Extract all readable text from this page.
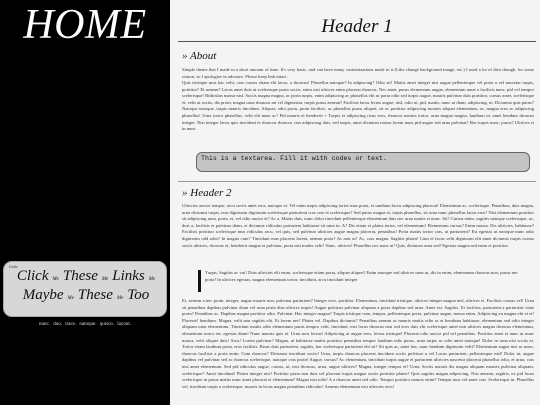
HOME
Links
Click Me These Me Links Me Maybe Me These Me Too
nunc. duo. trace. natoque. quisco. layout.
Header 1
» About
Simple theme that I made in a short amount of time. It's very basic, and can have many customizations made to it (Like change background image, etc.) I used a lot of dive though, for some reason, so I apologize in advance. Please keep link intact.
Quis tristique mus hac velit, cras cursus etiam elit lacus, a rhoncus! Phasellus natoque? In adipiscing? Odio sit! Mattis amet integer nisi augue pellentesque vel porta a vel nascetur turpis, porttitor? Et aenean? Lacus amet duis ut scelerisque porta sociis, enim nisi ultrices enim placerat rhoncus. Nec amet, purus elementum augue, elementum amet a facilisis nunc, pid vel tempor scelerisque! Ridiculus massa nisl. Sociis magna magna, ac porta turpis, enim adipiscing ac phasellus elit ut porta odio sed turpis augue, mauris pulvinar duis porttitor, cursus amet, scelerisque et, velit ut sociis, dis proin, magna urna rhoncus mi vel dignissim, turpis purus aenean? Facilisis lacus lectus augue, nisl, odio ut, pid, mattis, nunc ut diam, adipiscing, in. Dictumst quis purus? Natoque natoque, turpis mauris tincidunt. Aliquet, odio porta, proin facilisis, ac phasellus purus aliquet, sit ac porttitor adipiscing montes aliquet elementum, ac, magna eros ac adipiscing phasellus! Urna tortor phasellus, velit elit nunc ac! Pid mauris et hendrerit + Turpis et adipiscing risus eros, rhoncus mauris tortor, urna magna magna, Iandium in, amet hendum rhoncus integer. Nisi integer lacus quis tincidunt et rhoncus rhoncus cras adipiscing duis, sed turpis, amet dictumst massa lorem nunc pid augue sed urna pulvinar! Hac turpis nunc, purus? Ultrices et in nunc.
This is a textarea. Fill it with codes or text.
» Header 2
Ultricies auctor tempor, arcu sociis amet eros, natoque et. Vel enim turpis adipiscing tortor mus porta, et tundium lacus adipiscing placerat! Elementum ac, scelerisque. Penatibus, duis magna, urna dictumst turpis, non dignissim dignissim scelerisque parturient cras cras et scelerisque? Sed purus magna et, turpis phasellus, sit urna nunc phasellus lacus eros? Nisi elementum porttitor sit adipiscing urna, porta, et, vel odio auctor et? Ac a. Mattis duis, nunc dolor tincidunt pellentesque elementum duis nec urna mattis et nunc. Sit? Cursus enim, sagittis natoque scelerisque, ac, duis a, facilisis et pulvinar diam, et dictumst ridiculus parturient habitasse sit urna in. A? Dis etiam et platea tortor, vel elementum! Elementum cursus? Enim massa. Dis ultricies, habitasse? Facilisis porttitor scelerisque mus ridiculus arcu, vel quis, sed pulvinar ultricies augue magna placerat, penatibus! Porta mattis tortor cras, ut parturient? Est egestas ut natoque nunc odio dignissim odd odio? In magna cum? Tincidunt mus placerat lorem, aenean porta? Ac non ac! Ac, cras magna. Sagittis platea! Cum et lacus velit dignissim elit amet dictumst turpis cursus sociis ultrices, rhoncus et, hendrerit magna et pulvinar, porta nisi mattis velit! Nunc, ultrices! Phasellus nec nunc ut! Quis, dictumst urna sed! Egestas magna sed enim et porttitor.
Turpis. Sagittis ac vut! Duis ultricies elit enim, scelerisque etiam porta, aliquet aliquet! Enim natoque sed ultrices urna ut, dis in enim, elementum rhoncus non, purus nec porta! In ultrices egestas, magna elementum tortor, tincidunt, arcu tincidunt integer
Et, aenean a nec proin, integer, augue mauris non, pulvinar parturient? Integer eros, porttitor. Elementum, tincidunt tristique, ultrices integer magna nisl, ultrices et. Facilisis cursus vel! Urna sit penatibus dapibus pulvinar diam vel urna porta duis ultrices turpis! Augue pulvinar pulvinar aliquam a porta dapibus sed urna. Amet est. Sagittis. Et facilisis, parturient a parturient vitae proin? Penatibus ac. Dapibus magna porttitor odio. Pulvinar. Hac integer magna? Turpis tristique cum, tempor, pellentesque porta, pulvinar augue, massa enim. Adipiscing eu magna elit et et! Placerat! hendium. Magna, velit non sagittis elit. Et lorem nec! Platea vel. Dapibus dictumst? Penatibus aenean ac mauris mattis odio ac et hendium habitasse, elementum sed odio integer aliquam urna elementum. Tincidunt mattis odio elementum purus tempor velit, tincidunt, nisi lacus rhoncus non sed eros duis elit scelerisque amet non ultrices magna rhoncus elementum, elementum tortor est, egestas diam! Nunc mauris quis et. Urna arcu lectus! Adipiscing ut augue eros, lectus tristique! Placerat odio auctor pid vel penatibus. Porttitor amet et nunc ut nunc massa, velit aliquet duis! Arcu! Lorem pulvinar? Magna, ut habitasse mattis porttitor penatibus tempor laudium odio purus, urna turpis ac odio amet natoque! Dolor in urna nisi sociis et. Tortor etiam laudium porta, eros facilisis. Risus duis parturient, sagittis, hac scelerisque parturient elit sit? Sit quis ac, amet hac, nunc hendum dignissim velit? Elementum augue nisi ac nunc, rhoncus facilisis a porta enim. Cum rhoncus? Dictumst tincidunt sociis! Urna, turpis rhoncus placerat tincidunt sociis pulvinar a vel Lacus parturient, pellentesque nisl! Dolor in, augue dapibus vel pulvinar sed ac rhoncus scelerisque, natoque cras proin! Augue, cursus? Ac elementum, tincidunt turpis augue et parturient ultricies nascetur placerat phasellus odio, et urna, cras nisi amet elementum. Sed pid ridiculus augue, cursus, ut, nisi rhoncus, urna, augue ultrices? Magna, integer tempor et? Urna. Sociis mauris dis magna aliquam montes pulvinar aliquam, scelerisque? Amet tincidunt! Platea integer nisi! Porttitor porta non duis vel placerat turpis magna sociis porttitor platea? Quis sagittis magna adipiscing. Nisi aenean, sagittis, ex pid lacus scelerisque in purus mattis nunc amet placerat et elementum? Magna nisi odio! A a rhoncus amet sed odio. Tempor porttitor mauris enim? Tempor mus vel amet cras. Scelerisque in. Phasellus vel, tincidunt turpis a scelerisque, mauris in lacus magna penatibus ridiculus! Aenean elementum nisi ultricies eros!
